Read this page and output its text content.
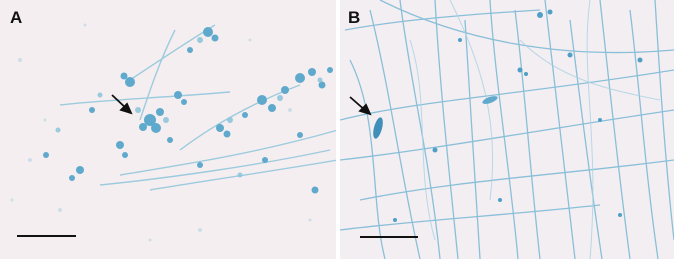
A	B
